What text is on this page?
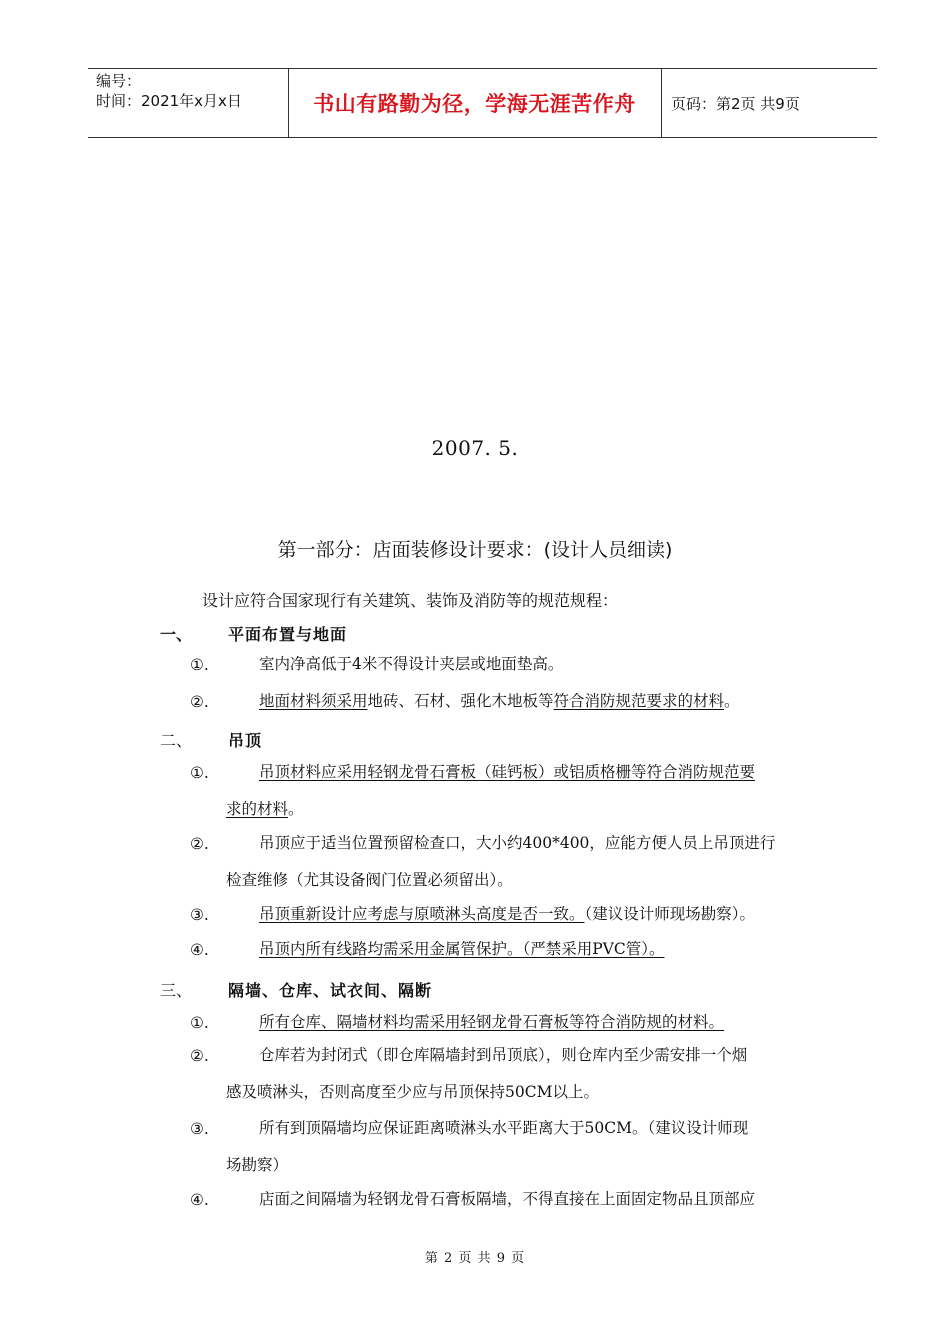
编号：
时间：2021年x月x日	书山有路勤为径，学海无涯苦作舟	页码：第2页 共9页
2007. 5.
第一部分：店面装修设计要求：(设计人员细读)
设计应符合国家现行有关建筑、装饰及消防等的规范规程：
一、 平面布置与地面
①.	室内净高低于4米不得设计夹层或地面垫高。
②.	地面材料须采用地砖、石材、强化木地板等符合消防规范要求的材料。
二、 吊顶
①.	吊顶材料应采用轻钢龙骨石膏板（硅钙板）或铝质格栅等符合消防规范要
求的材料。
②.	吊顶应于适当位置预留检查口，大小约400*400，应能方便人员上吊顶进行
检查维修（尤其设备阀门位置必须留出）。
③.	吊顶重新设计应考虑与原喷淋头高度是否一致。（建议设计师现场勘察）。
④.	吊顶内所有线路均需采用金属管保护。（严禁采用PVC管）。
三、 隔墙、仓库、试衣间、隔断
①.	所有仓库、隔墙材料均需采用轻钢龙骨石膏板等符合消防规的材料。
②.	仓库若为封闭式（即仓库隔墙封到吊顶底），则仓库内至少需安排一个烟
感及喷淋头，否则高度至少应与吊顶保持50CM以上。
③.	所有到顶隔墙均应保证距离喷淋头水平距离大于50CM。（建议设计师现
场勘察）
④.	店面之间隔墙为轻钢龙骨石膏板隔墙，不得直接在上面固定物品且顶部应
第 2 页 共 9 页
